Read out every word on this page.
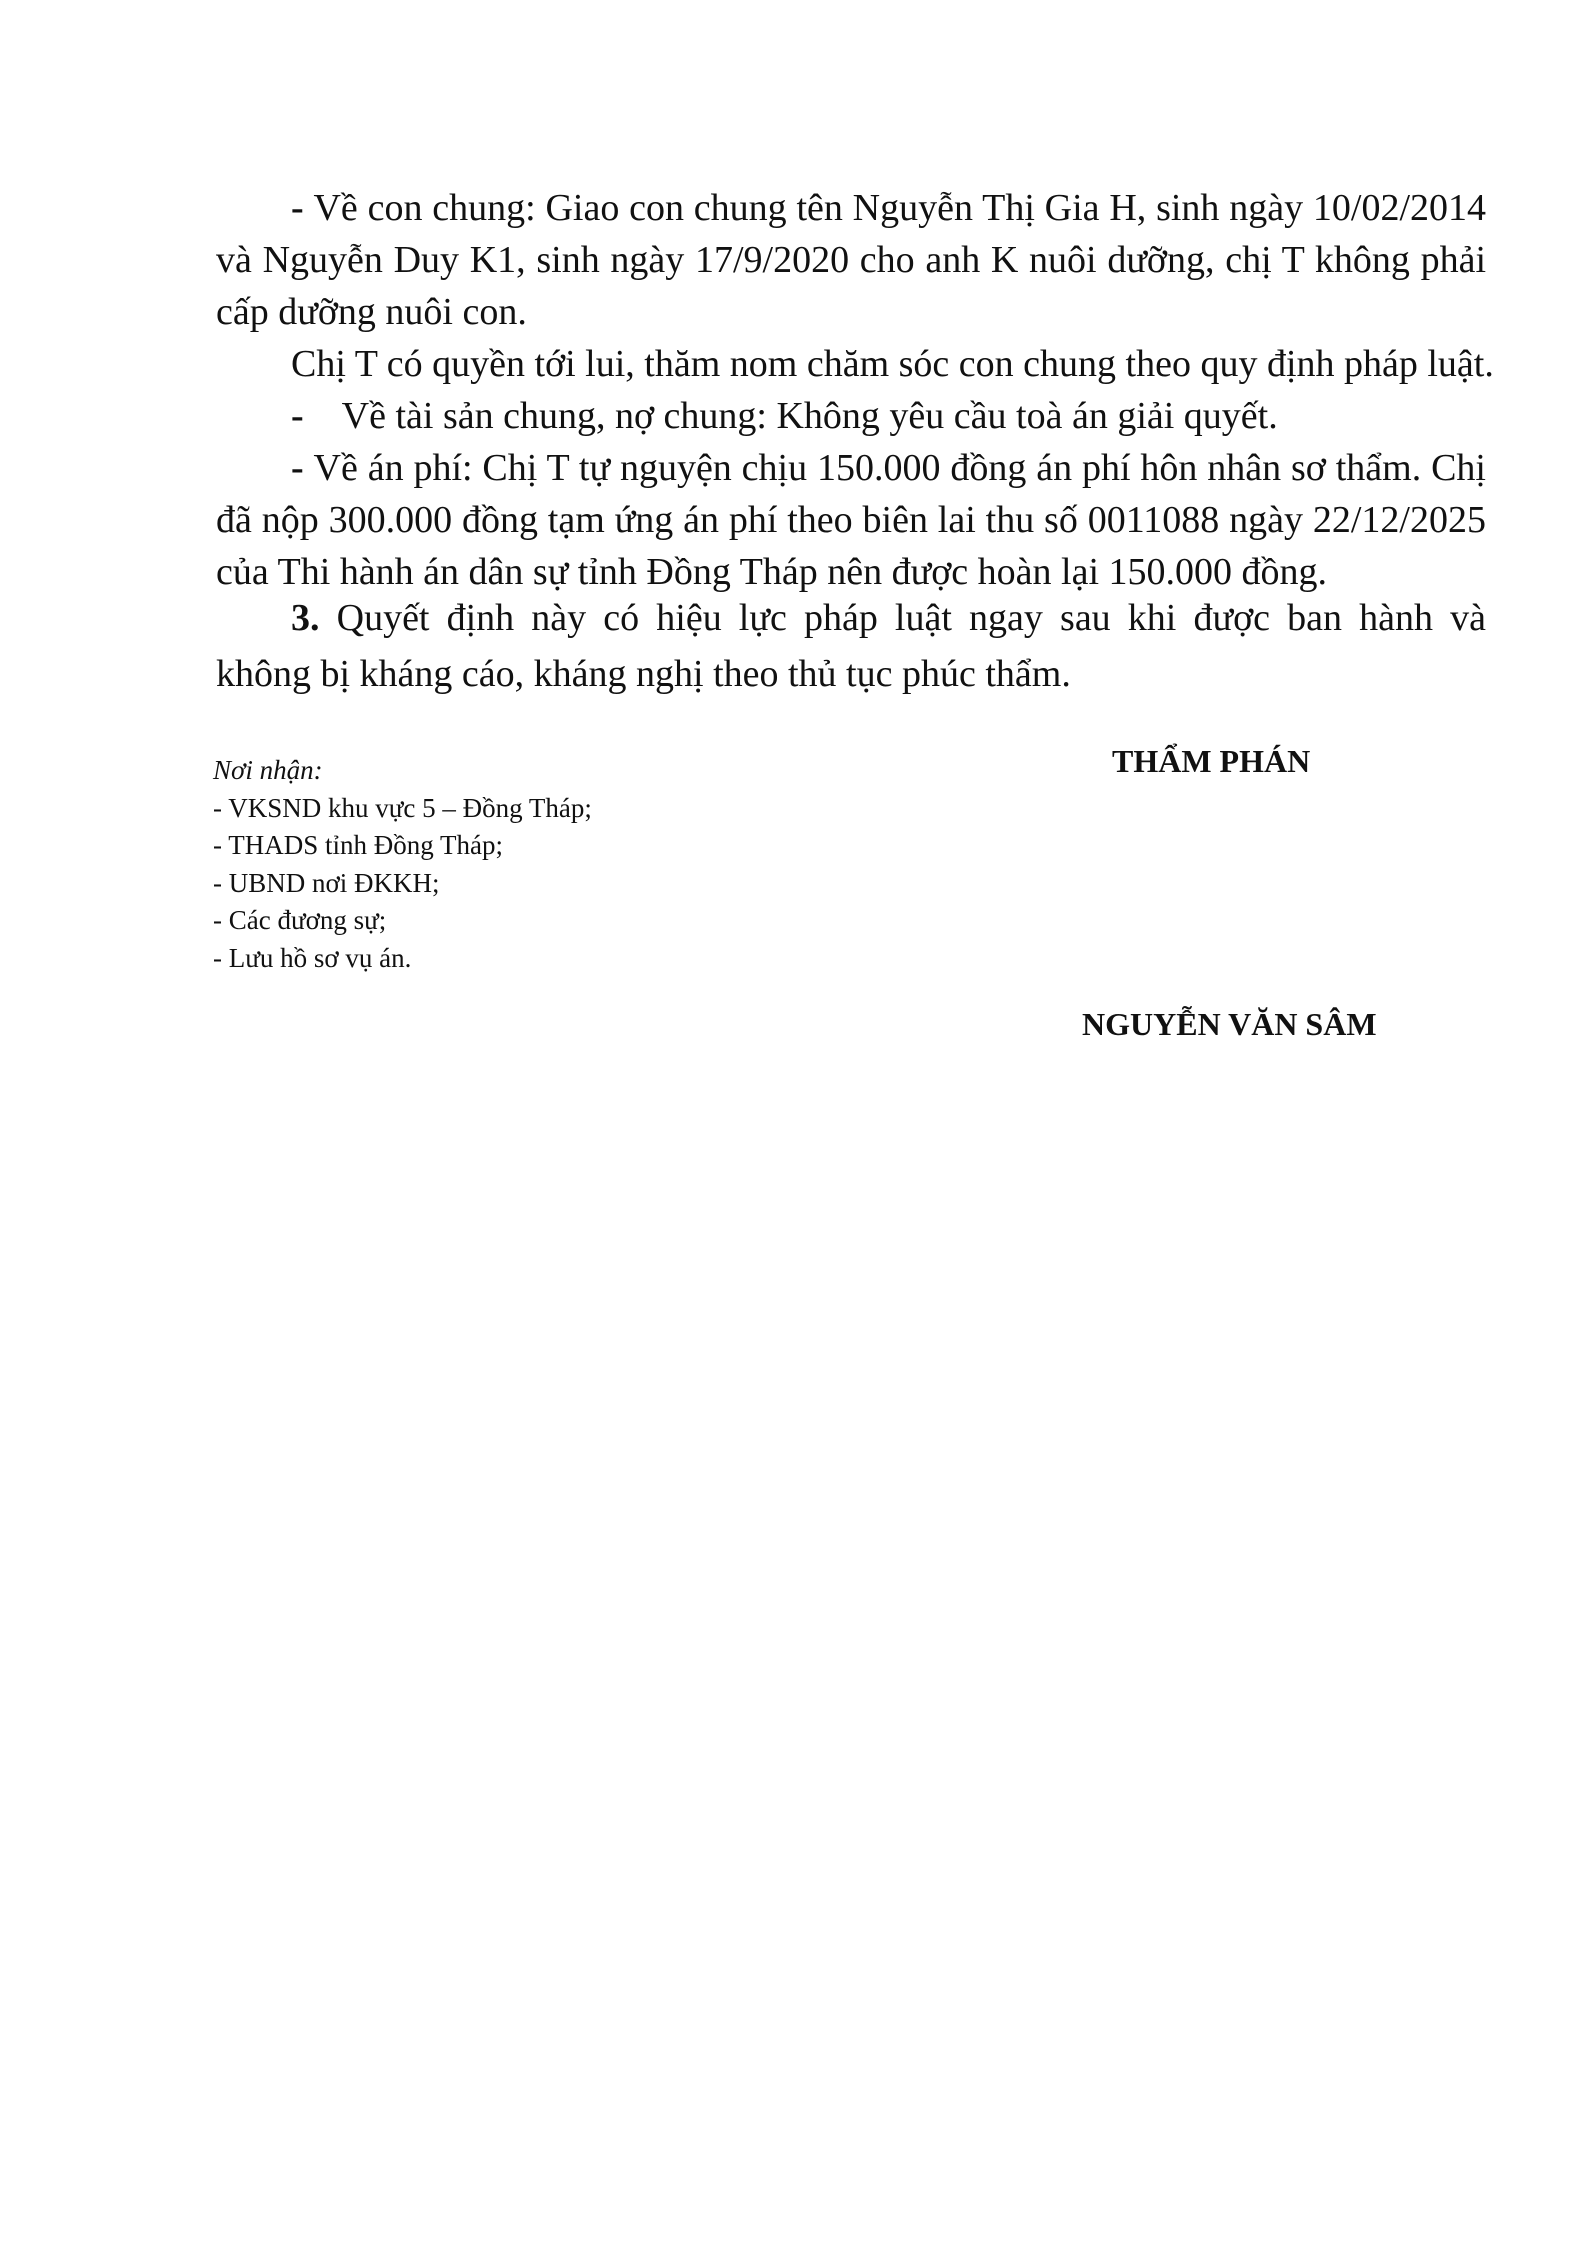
- Về con chung: Giao con chung tên Nguyễn Thị Gia H, sinh ngày 10/02/2014
và Nguyễn Duy K1, sinh ngày 17/9/2020 cho anh K nuôi dưỡng, chị T không phải
cấp dưỡng nuôi con.
Chị T có quyền tới lui, thăm nom chăm sóc con chung theo quy định pháp luật.
- Về tài sản chung, nợ chung: Không yêu cầu toà án giải quyết.
- Về án phí: Chị T tự nguyện chịu 150.000 đồng án phí hôn nhân sơ thẩm. Chị
đã nộp 300.000 đồng tạm ứng án phí theo biên lai thu số 0011088 ngày 22/12/2025
của Thi hành án dân sự tỉnh Đồng Tháp nên được hoàn lại 150.000 đồng.
3. Quyết định này có hiệu lực pháp luật ngay sau khi được ban hành và
không bị kháng cáo, kháng nghị theo thủ tục phúc thẩm.
Nơi nhận:
- VKSND khu vực 5 – Đồng Tháp;
- THADS tỉnh Đồng Tháp;
- UBND nơi ĐKKH;
- Các đương sự;
- Lưu hồ sơ vụ án.
THẨM PHÁN
NGUYỄN VĂN SÂM
